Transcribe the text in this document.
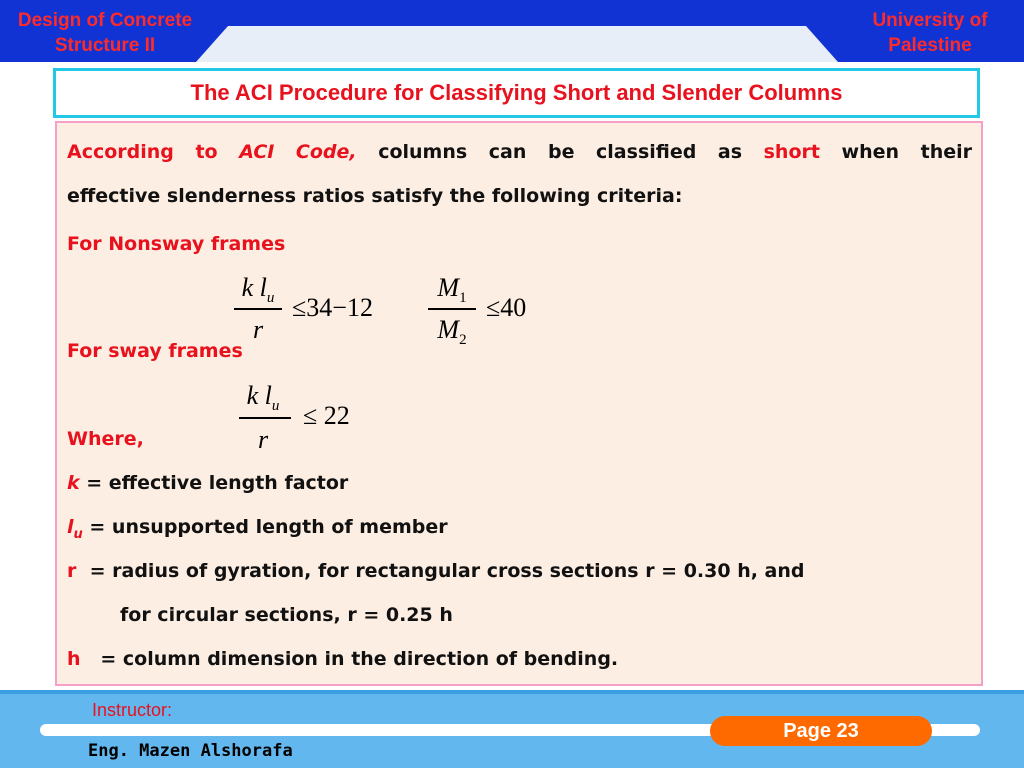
Design of Concrete
Structure II
University of
Palestine
The ACI Procedure for Classifying Short and Slender Columns
According to ACI Code, columns can be classified as short when their
effective slenderness ratios satisfy the following criteria:
For Nonsway frames
k $l_u$
r
≤34−12
$M_1$
$M_2$
≤40
For sway frames
k $l_u$
r
≤ 22
Where,
k = effective length factor
$l_u$ = unsupported length of member
r  = radius of gyration, for rectangular cross sections r = 0.30 h, and
for circular sections, r = 0.25 h
h   = column dimension in the direction of bending.
Instructor:
Eng. Mazen Alshorafa
Page 23
